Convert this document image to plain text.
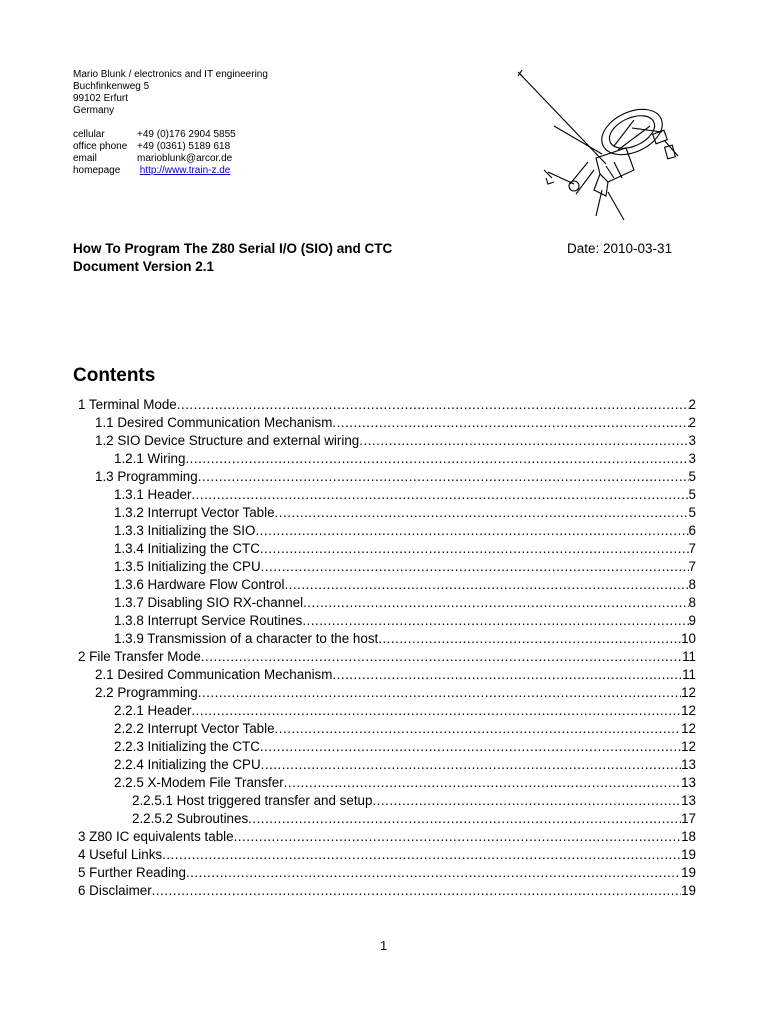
Mario Blunk / electronics and IT engineering
Buchfinkenweg 5
99102 Erfurt
Germany
cellular	+49 (0)176 2904 5855
office phone +49 (0361) 5189 618
email	marioblunk@arcor.de
homepage	http://www.train-z.de
How To Program The Z80 Serial I/O (SIO) and CTC
Document Version 2.1
Date: 2010-03-31
Contents
1 Terminal Mode .....	2
1.1 Desired Communication Mechanism .....	2
1.2 SIO Device Structure and external wiring .....	3
1.2.1 Wiring .....	3
1.3 Programming .....	5
1.3.1 Header .....	5
1.3.2 Interrupt Vector Table .....	5
1.3.3 Initializing the SIO .....	6
1.3.4 Initializing the CTC .....	7
1.3.5 Initializing the CPU .....	7
1.3.6 Hardware Flow Control .....	8
1.3.7 Disabling SIO RX-channel .....	8
1.3.8 Interrupt Service Routines .....	9
1.3.9 Transmission of a character to the host .....	10
2 File Transfer Mode .....	11
2.1 Desired Communication Mechanism .....	11
2.2 Programming .....	12
2.2.1 Header .....	12
2.2.2 Interrupt Vector Table .....	12
2.2.3 Initializing the CTC .....	12
2.2.4 Initializing the CPU .....	13
2.2.5 X-Modem File Transfer .....	13
2.2.5.1 Host triggered transfer and setup .....	13
2.2.5.2 Subroutines .....	17
3 Z80 IC equivalents table .....	18
4 Useful Links .....	19
5 Further Reading .....	19
6 Disclaimer .....	19
1
